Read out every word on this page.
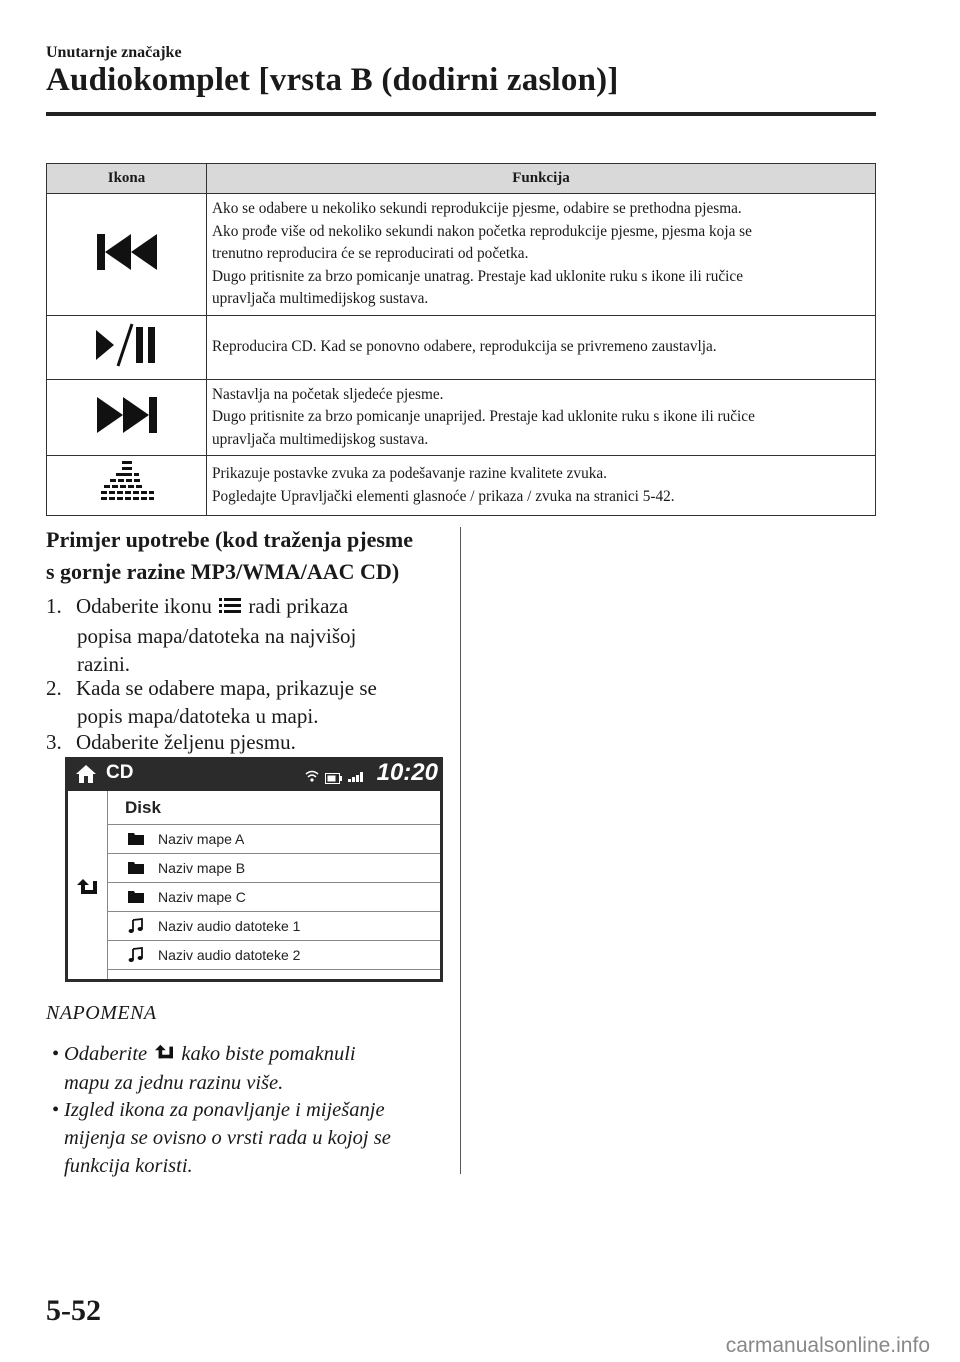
Unutarnje značajke
Audiokomplet [vrsta B (dodirni zaslon)]
Ikona	Funkcija

Ako se odabere u nekoliko sekundi reprodukcije pjesme, odabire se prethodna pjesma.
Ako prođe više od nekoliko sekundi nakon početka reprodukcije pjesme, pjesma koja se
trenutno reproducira će se reproducirati od početka.
Dugo pritisnite za brzo pomicanje unatrag. Prestaje kad uklonite ruku s ikone ili ručice
upravljača multimedijskog sustava.

Reproducira CD. Kad se ponovno odabere, reprodukcija se privremeno zaustavlja.

Nastavlja na početak sljedeće pjesme.
Dugo pritisnite za brzo pomicanje unaprijed. Prestaje kad uklonite ruku s ikone ili ručice
upravljača multimedijskog sustava.

Prikazuje postavke zvuka za podešavanje razine kvalitete zvuka.
Pogledajte Upravljački elementi glasnoće / prikaza / zvuka na stranici 5-42.
Primjer upotrebe (kod traženja pjesme
s gornje razine MP3/WMA/AAC CD)
1. Odaberite ikonu radi prikaza
popisa mapa/datoteka na najvišoj
razini.
2. Kada se odabere mapa, prikazuje se
popis mapa/datoteka u mapi.
3. Odaberite željenu pjesmu.
CD	10:20
Disk
Naziv mape A
Naziv mape B
Naziv mape C
Naziv audio datoteke 1
Naziv audio datoteke 2
NAPOMENA
• Odaberite kako biste pomaknuli
mapu za jednu razinu više.
• Izgled ikona za ponavljanje i miješanje
mijenja se ovisno o vrsti rada u kojoj se
funkcija koristi.
5-52
carmanualsonline.info
